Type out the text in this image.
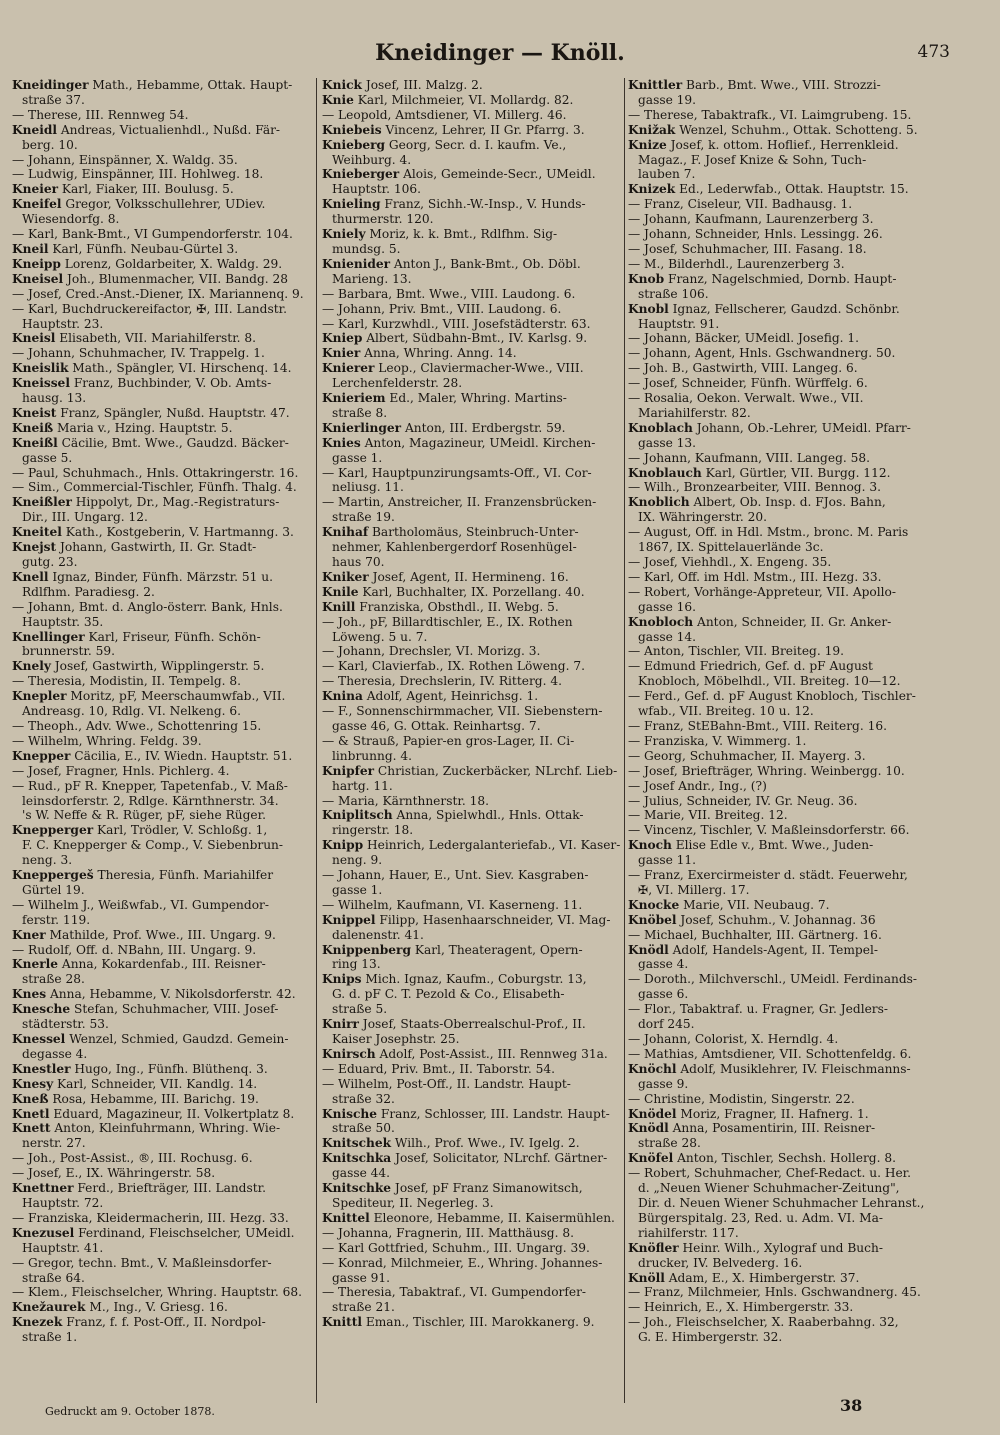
Kneidinger — Knöll.	473
Kneidinger Math., Hebamme, Ottak. Haupt-
straße 37.
— Therese, III. Rennweg 54.
Kneidl Andreas, Victualienhdl., Nußd. Fär-
berg. 10.
— Johann, Einspänner, X. Waldg. 35.
— Ludwig, Einspänner, III. Hohlweg. 18.
Kneier Karl, Fiaker, III. Boulusg. 5.
Kneifel Gregor, Volksschullehrer, UDiev.
Wiesendorfg. 8.
— Karl, Bank-Bmt., VI Gumpendorferstr. 104.
Kneil Karl, Fünfh. Neubau-Gürtel 3.
Kneipp Lorenz, Goldarbeiter, X. Waldg. 29.
Kneisel Joh., Blumenmacher, VII. Bandg. 28
— Josef, Cred.-Anst.-Diener, IX. Mariannenq. 9.
— Karl, Buchdruckereifactor, ✠, III. Landstr.
Hauptstr. 23.
Kneisl Elisabeth, VII. Mariahilferstr. 8.
— Johann, Schuhmacher, IV. Trappelg. 1.
Kneislik Math., Spängler, VI. Hirschenq. 14.
Kneissel Franz, Buchbinder, V. Ob. Amts-
hausg. 13.
Kneist Franz, Spängler, Nußd. Hauptstr. 47.
Kneiß Maria v., Hzing. Hauptstr. 5.
Kneißl Cäcilie, Bmt. Wwe., Gaudzd. Bäcker-
gasse 5.
— Paul, Schuhmach., Hnls. Ottakringerstr. 16.
— Sim., Commercial-Tischler, Fünfh. Thalg. 4.
Kneißler Hippolyt, Dr., Mag.-Registraturs-
Dir., III. Ungarg. 12.
Kneitel Kath., Kostgeberin, V. Hartmanng. 3.
Knejst Johann, Gastwirth, II. Gr. Stadt-
gutg. 23.
Knell Ignaz, Binder, Fünfh. Märzstr. 51 u.
Rdlfhm. Paradiesg. 2.
— Johann, Bmt. d. Anglo-österr. Bank, Hnls.
Hauptstr. 35.
Knellinger Karl, Friseur, Fünfh. Schön-
brunnerstr. 59.
Knely Josef, Gastwirth, Wipplingerstr. 5.
— Theresia, Modistin, II. Tempelg. 8.
Knepler Moritz, pF, Meerschaumwfab., VII.
Andreasg. 10, Rdlg. VI. Nelkeng. 6.
— Theoph., Adv. Wwe., Schottenring 15.
— Wilhelm, Whring. Feldg. 39.
Knepper Cäcilia, E., IV. Wiedn. Hauptstr. 51.
— Josef, Fragner, Hnls. Pichlerg. 4.
— Rud., pF R. Knepper, Tapetenfab., V. Maß-
leinsdorferstr. 2, Rdlge. Kärnthnerstr. 34.
's W. Neffe & R. Rüger, pF, siehe Rüger.
Knepperger Karl, Trödler, V. Schloßg. 1,
F. C. Knepperger & Comp., V. Siebenbrun-
neng. 3.
Kneppergeš Theresia, Fünfh. Mariahilfer
Gürtel 19.
— Wilhelm J., Weißwfab., VI. Gumpendor-
ferstr. 119.
Kner Mathilde, Prof. Wwe., III. Ungarg. 9.
— Rudolf, Off. d. NBahn, III. Ungarg. 9.
Knerle Anna, Kokardenfab., III. Reisner-
straße 28.
Knes Anna, Hebamme, V. Nikolsdorferstr. 42.
Knesche Stefan, Schuhmacher, VIII. Josef-
städterstr. 53.
Knessel Wenzel, Schmied, Gaudzd. Gemein-
degasse 4.
Knestler Hugo, Ing., Fünfh. Blüthenq. 3.
Knesy Karl, Schneider, VII. Kandlg. 14.
Kneß Rosa, Hebamme, III. Barichg. 19.
Knetl Eduard, Magazineur, II. Volkertplatz 8.
Knett Anton, Kleinfuhrmann, Whring. Wie-
nerstr. 27.
— Joh., Post-Assist., ®, III. Rochusg. 6.
— Josef, E., IX. Währingerstr. 58.
Knettner Ferd., Briefträger, III. Landstr.
Hauptstr. 72.
— Franziska, Kleidermacherin, III. Hezg. 33.
Knezusel Ferdinand, Fleischselcher, UMeidl.
Hauptstr. 41.
— Gregor, techn. Bmt., V. Maßleinsdorfer-
straße 64.
— Klem., Fleischselcher, Whring. Hauptstr. 68.
Knežaurek M., Ing., V. Griesg. 16.
Knezek Franz, f. f. Post-Off., II. Nordpol-
straße 1.
Knick Josef, III. Malzg. 2.
Knie Karl, Milchmeier, VI. Mollardg. 82.
— Leopold, Amtsdiener, VI. Millerg. 46.
Kniebeis Vincenz, Lehrer, II Gr. Pfarrg. 3.
Knieberg Georg, Secr. d. I. kaufm. Ve.,
Weihburg. 4.
Knieberger Alois, Gemeinde-Secr., UMeidl.
Hauptstr. 106.
Knieling Franz, Sichh.-W.-Insp., V. Hunds-
thurmerstr. 120.
Kniely Moriz, k. k. Bmt., Rdlfhm. Sig-
mundsg. 5.
Knienider Anton J., Bank-Bmt., Ob. Döbl.
Marieng. 13.
— Barbara, Bmt. Wwe., VIII. Laudong. 6.
— Johann, Priv. Bmt., VIII. Laudong. 6.
— Karl, Kurzwhdl., VIII. Josefstädterstr. 63.
Kniep Albert, Südbahn-Bmt., IV. Karlsg. 9.
Knier Anna, Whring. Anng. 14.
Knierer Leop., Claviermacher-Wwe., VIII.
Lerchenfelderstr. 28.
Knieriem Ed., Maler, Whring. Martins-
straße 8.
Knierlinger Anton, III. Erdbergstr. 59.
Knies Anton, Magazineur, UMeidl. Kirchen-
gasse 1.
— Karl, Hauptpunzirungsamts-Off., VI. Cor-
neliusg. 11.
— Martin, Anstreicher, II. Franzensbrücken-
straße 19.
Knihaf Bartholomäus, Steinbruch-Unter-
nehmer, Kahlenbergerdorf Rosenhügel-
haus 70.
Kniker Josef, Agent, II. Hermineng. 16.
Knile Karl, Buchhalter, IX. Porzellang. 40.
Knill Franziska, Obsthdl., II. Webg. 5.
— Joh., pF, Billardtischler, E., IX. Rothen
Löweng. 5 u. 7.
— Johann, Drechsler, VI. Morizg. 3.
— Karl, Clavierfab., IX. Rothen Löweng. 7.
— Theresia, Drechslerin, IV. Ritterg. 4.
Knina Adolf, Agent, Heinrichsg. 1.
— F., Sonnenschirmmacher, VII. Siebenstern-
gasse 46, G. Ottak. Reinhartsg. 7.
— & Strauß, Papier-en gros-Lager, II. Ci-
linbrunng. 4.
Knipfer Christian, Zuckerbäcker, NLrchf. Lieb-
hartg. 11.
— Maria, Kärnthnerstr. 18.
Kniplitsch Anna, Spielwhdl., Hnls. Ottak-
ringerstr. 18.
Knipp Heinrich, Ledergalanteriefab., VI. Kaser-
neng. 9.
— Johann, Hauer, E., Unt. Siev. Kasgraben-
gasse 1.
— Wilhelm, Kaufmann, VI. Kaserneng. 11.
Knippel Filipp, Hasenhaarschneider, VI. Mag-
dalenenstr. 41.
Knippenberg Karl, Theateragent, Opern-
ring 13.
Knips Mich. Ignaz, Kaufm., Coburgstr. 13,
G. d. pF C. T. Pezold & Co., Elisabeth-
straße 5.
Knirr Josef, Staats-Oberrealschul-Prof., II.
Kaiser Josephstr. 25.
Knirsch Adolf, Post-Assist., III. Rennweg 31a.
— Eduard, Priv. Bmt., II. Taborstr. 54.
— Wilhelm, Post-Off., II. Landstr. Haupt-
straße 32.
Knische Franz, Schlosser, III. Landstr. Haupt-
straße 50.
Knitschek Wilh., Prof. Wwe., IV. Igelg. 2.
Knitschka Josef, Solicitator, NLrchf. Gärtner-
gasse 44.
Knitschke Josef, pF Franz Simanowitsch,
Spediteur, II. Negerleg. 3.
Knittel Eleonore, Hebamme, II. Kaisermühlen.
— Johanna, Fragnerin, III. Matthäusg. 8.
— Karl Gottfried, Schuhm., III. Ungarg. 39.
— Konrad, Milchmeier, E., Whring. Johannes-
gasse 91.
— Theresia, Tabaktraf., VI. Gumpendorfer-
straße 21.
Knittl Eman., Tischler, III. Marokkanerg. 9.
Knittler Barb., Bmt. Wwe., VIII. Strozzi-
gasse 19.
— Therese, Tabaktrafk., VI. Laimgrubeng. 15.
Knižak Wenzel, Schuhm., Ottak. Schotteng. 5.
Knize Josef, k. ottom. Hoflief., Herrenkleid.
Magaz., F. Josef Knize & Sohn, Tuch-
lauben 7.
Knizek Ed., Lederwfab., Ottak. Hauptstr. 15.
— Franz, Ciseleur, VII. Badhausg. 1.
— Johann, Kaufmann, Laurenzerberg 3.
— Johann, Schneider, Hnls. Lessingg. 26.
— Josef, Schuhmacher, III. Fasang. 18.
— M., Bilderhdl., Laurenzerberg 3.
Knob Franz, Nagelschmied, Dornb. Haupt-
straße 106.
Knobl Ignaz, Fellscherer, Gaudzd. Schönbr.
Hauptstr. 91.
— Johann, Bäcker, UMeidl. Josefig. 1.
— Johann, Agent, Hnls. Gschwandnerg. 50.
— Joh. B., Gastwirth, VIII. Langeg. 6.
— Josef, Schneider, Fünfh. Würffelg. 6.
— Rosalia, Oekon. Verwalt. Wwe., VII.
Mariahilferstr. 82.
Knoblach Johann, Ob.-Lehrer, UMeidl. Pfarr-
gasse 13.
— Johann, Kaufmann, VIII. Langeg. 58.
Knoblauch Karl, Gürtler, VII. Burgg. 112.
— Wilh., Bronzearbeiter, VIII. Bennog. 3.
Knoblich Albert, Ob. Insp. d. FJos. Bahn,
IX. Währingerstr. 20.
— August, Off. in Hdl. Mstm., bronc. M. Paris
1867, IX. Spittelauerlände 3c.
— Josef, Viehhdl., X. Engeng. 35.
— Karl, Off. im Hdl. Mstm., III. Hezg. 33.
— Robert, Vorhänge-Appreteur, VII. Apollo-
gasse 16.
Knobloch Anton, Schneider, II. Gr. Anker-
gasse 14.
— Anton, Tischler, VII. Breiteg. 19.
— Edmund Friedrich, Gef. d. pF August
Knobloch, Möbelhdl., VII. Breiteg. 10—12.
— Ferd., Gef. d. pF August Knobloch, Tischler-
wfab., VII. Breiteg. 10 u. 12.
— Franz, StEBahn-Bmt., VIII. Reiterg. 16.
— Franziska, V. Wimmerg. 1.
— Georg, Schuhmacher, II. Mayerg. 3.
— Josef, Briefträger, Whring. Weinbergg. 10.
— Josef Andr., Ing., (?)
— Julius, Schneider, IV. Gr. Neug. 36.
— Marie, VII. Breiteg. 12.
— Vincenz, Tischler, V. Maßleinsdorferstr. 66.
Knoch Elise Edle v., Bmt. Wwe., Juden-
gasse 11.
— Franz, Exercirmeister d. städt. Feuerwehr,
✠, VI. Millerg. 17.
Knocke Marie, VII. Neubaug. 7.
Knöbel Josef, Schuhm., V. Johannag. 36
— Michael, Buchhalter, III. Gärtnerg. 16.
Knödl Adolf, Handels-Agent, II. Tempel-
gasse 4.
— Doroth., Milchverschl., UMeidl. Ferdinands-
gasse 6.
— Flor., Tabaktraf. u. Fragner, Gr. Jedlers-
dorf 245.
— Johann, Colorist, X. Herndlg. 4.
— Mathias, Amtsdiener, VII. Schottenfeldg. 6.
Knöchl Adolf, Musiklehrer, IV. Fleischmanns-
gasse 9.
— Christine, Modistin, Singerstr. 22.
Knödel Moriz, Fragner, II. Hafnerg. 1.
Knödl Anna, Posamentirin, III. Reisner-
straße 28.
Knöfel Anton, Tischler, Sechsh. Hollerg. 8.
— Robert, Schuhmacher, Chef-Redact. u. Her.
d. „Neuen Wiener Schuhmacher-Zeitung",
Dir. d. Neuen Wiener Schuhmacher Lehranst.,
Bürgerspitalg. 23, Red. u. Adm. VI. Ma-
riahilferstr. 117.
Knöfler Heinr. Wilh., Xylograf und Buch-
drucker, IV. Belvederg. 16.
Knöll Adam, E., X. Himbergerstr. 37.
— Franz, Milchmeier, Hnls. Gschwandnerg. 45.
— Heinrich, E., X. Himbergerstr. 33.
— Joh., Fleischselcher, X. Raaberbahng. 32,
G. E. Himbergerstr. 32.
Gedruckt am 9. October 1878.	38
